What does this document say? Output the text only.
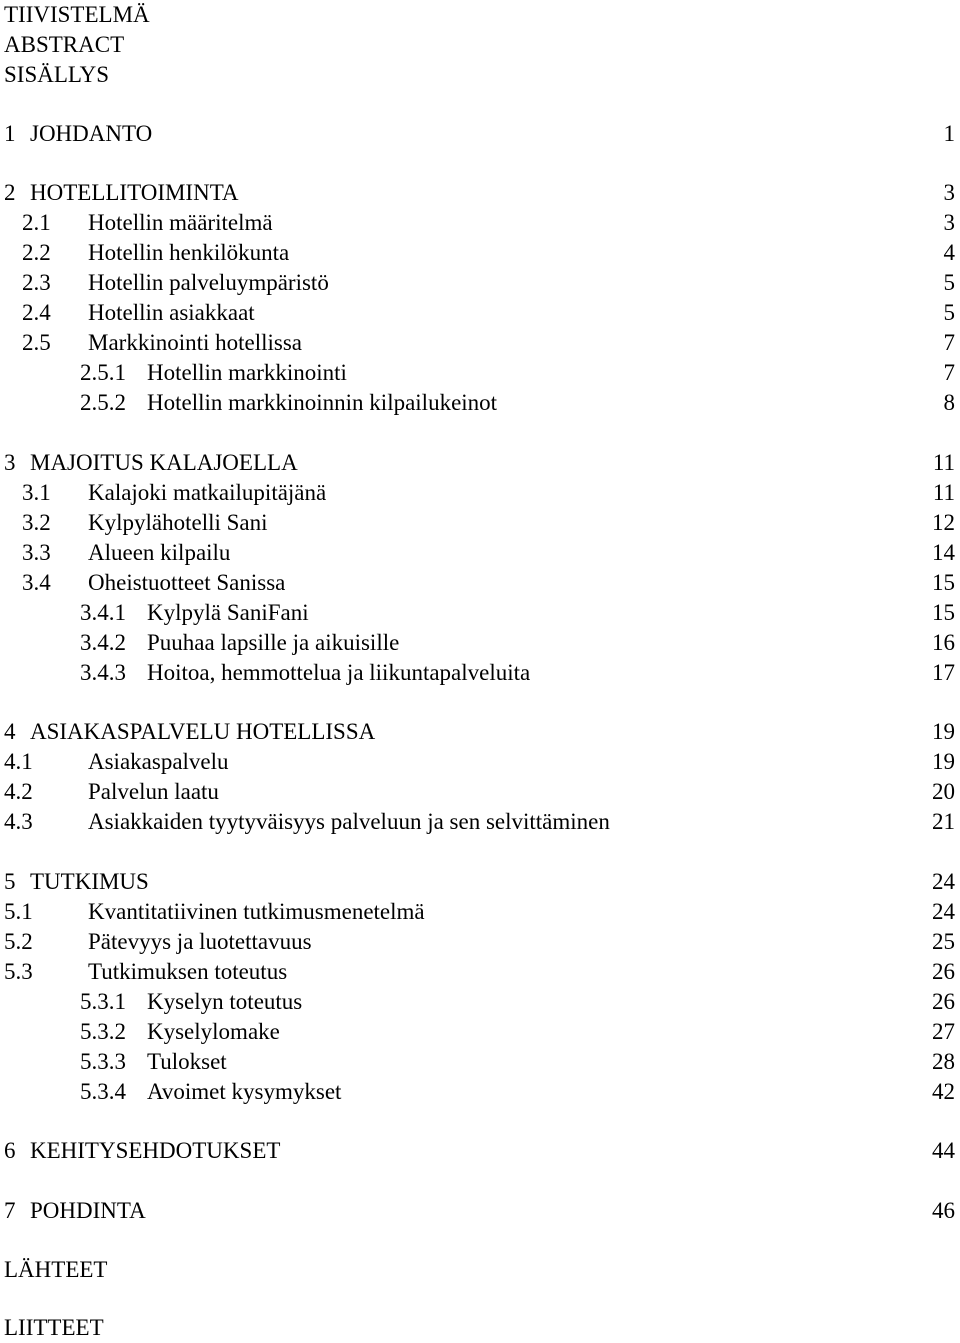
TIIVISTELMÄ
ABSTRACT
SISÄLLYS
1 JOHDANTO	1
2 HOTELLITOIMINTA	3
2.1 Hotellin määritelmä	3
2.2 Hotellin henkilökunta	4
2.3 Hotellin palveluympäristö	5
2.4 Hotellin asiakkaat	5
2.5 Markkinointi hotellissa	7
2.5.1 Hotellin markkinointi	7
2.5.2 Hotellin markkinoinnin kilpailukeinot	8
3 MAJOITUS KALAJOELLA	11
3.1 Kalajoki matkailupitäjänä	11
3.2 Kylpylähotelli Sani	12
3.3 Alueen kilpailu	14
3.4 Oheistuotteet Sanissa	15
3.4.1 Kylpylä SaniFani	15
3.4.2 Puuhaa lapsille ja aikuisille	16
3.4.3 Hoitoa, hemmottelua ja liikuntapalveluita	17
4 ASIAKASPALVELU HOTELLISSA	19
4.1 Asiakaspalvelu	19
4.2 Palvelun laatu	20
4.3 Asiakkaiden tyytyväisyys palveluun ja sen selvittäminen	21
5 TUTKIMUS	24
5.1 Kvantitatiivinen tutkimusmenetelmä	24
5.2 Pätevyys ja luotettavuus	25
5.3 Tutkimuksen toteutus	26
5.3.1 Kyselyn toteutus	26
5.3.2 Kyselylomake	27
5.3.3 Tulokset	28
5.3.4 Avoimet kysymykset	42
6 KEHITYSEHDOTUKSET	44
7 POHDINTA	46
LÄHTEET
LIITTEET
